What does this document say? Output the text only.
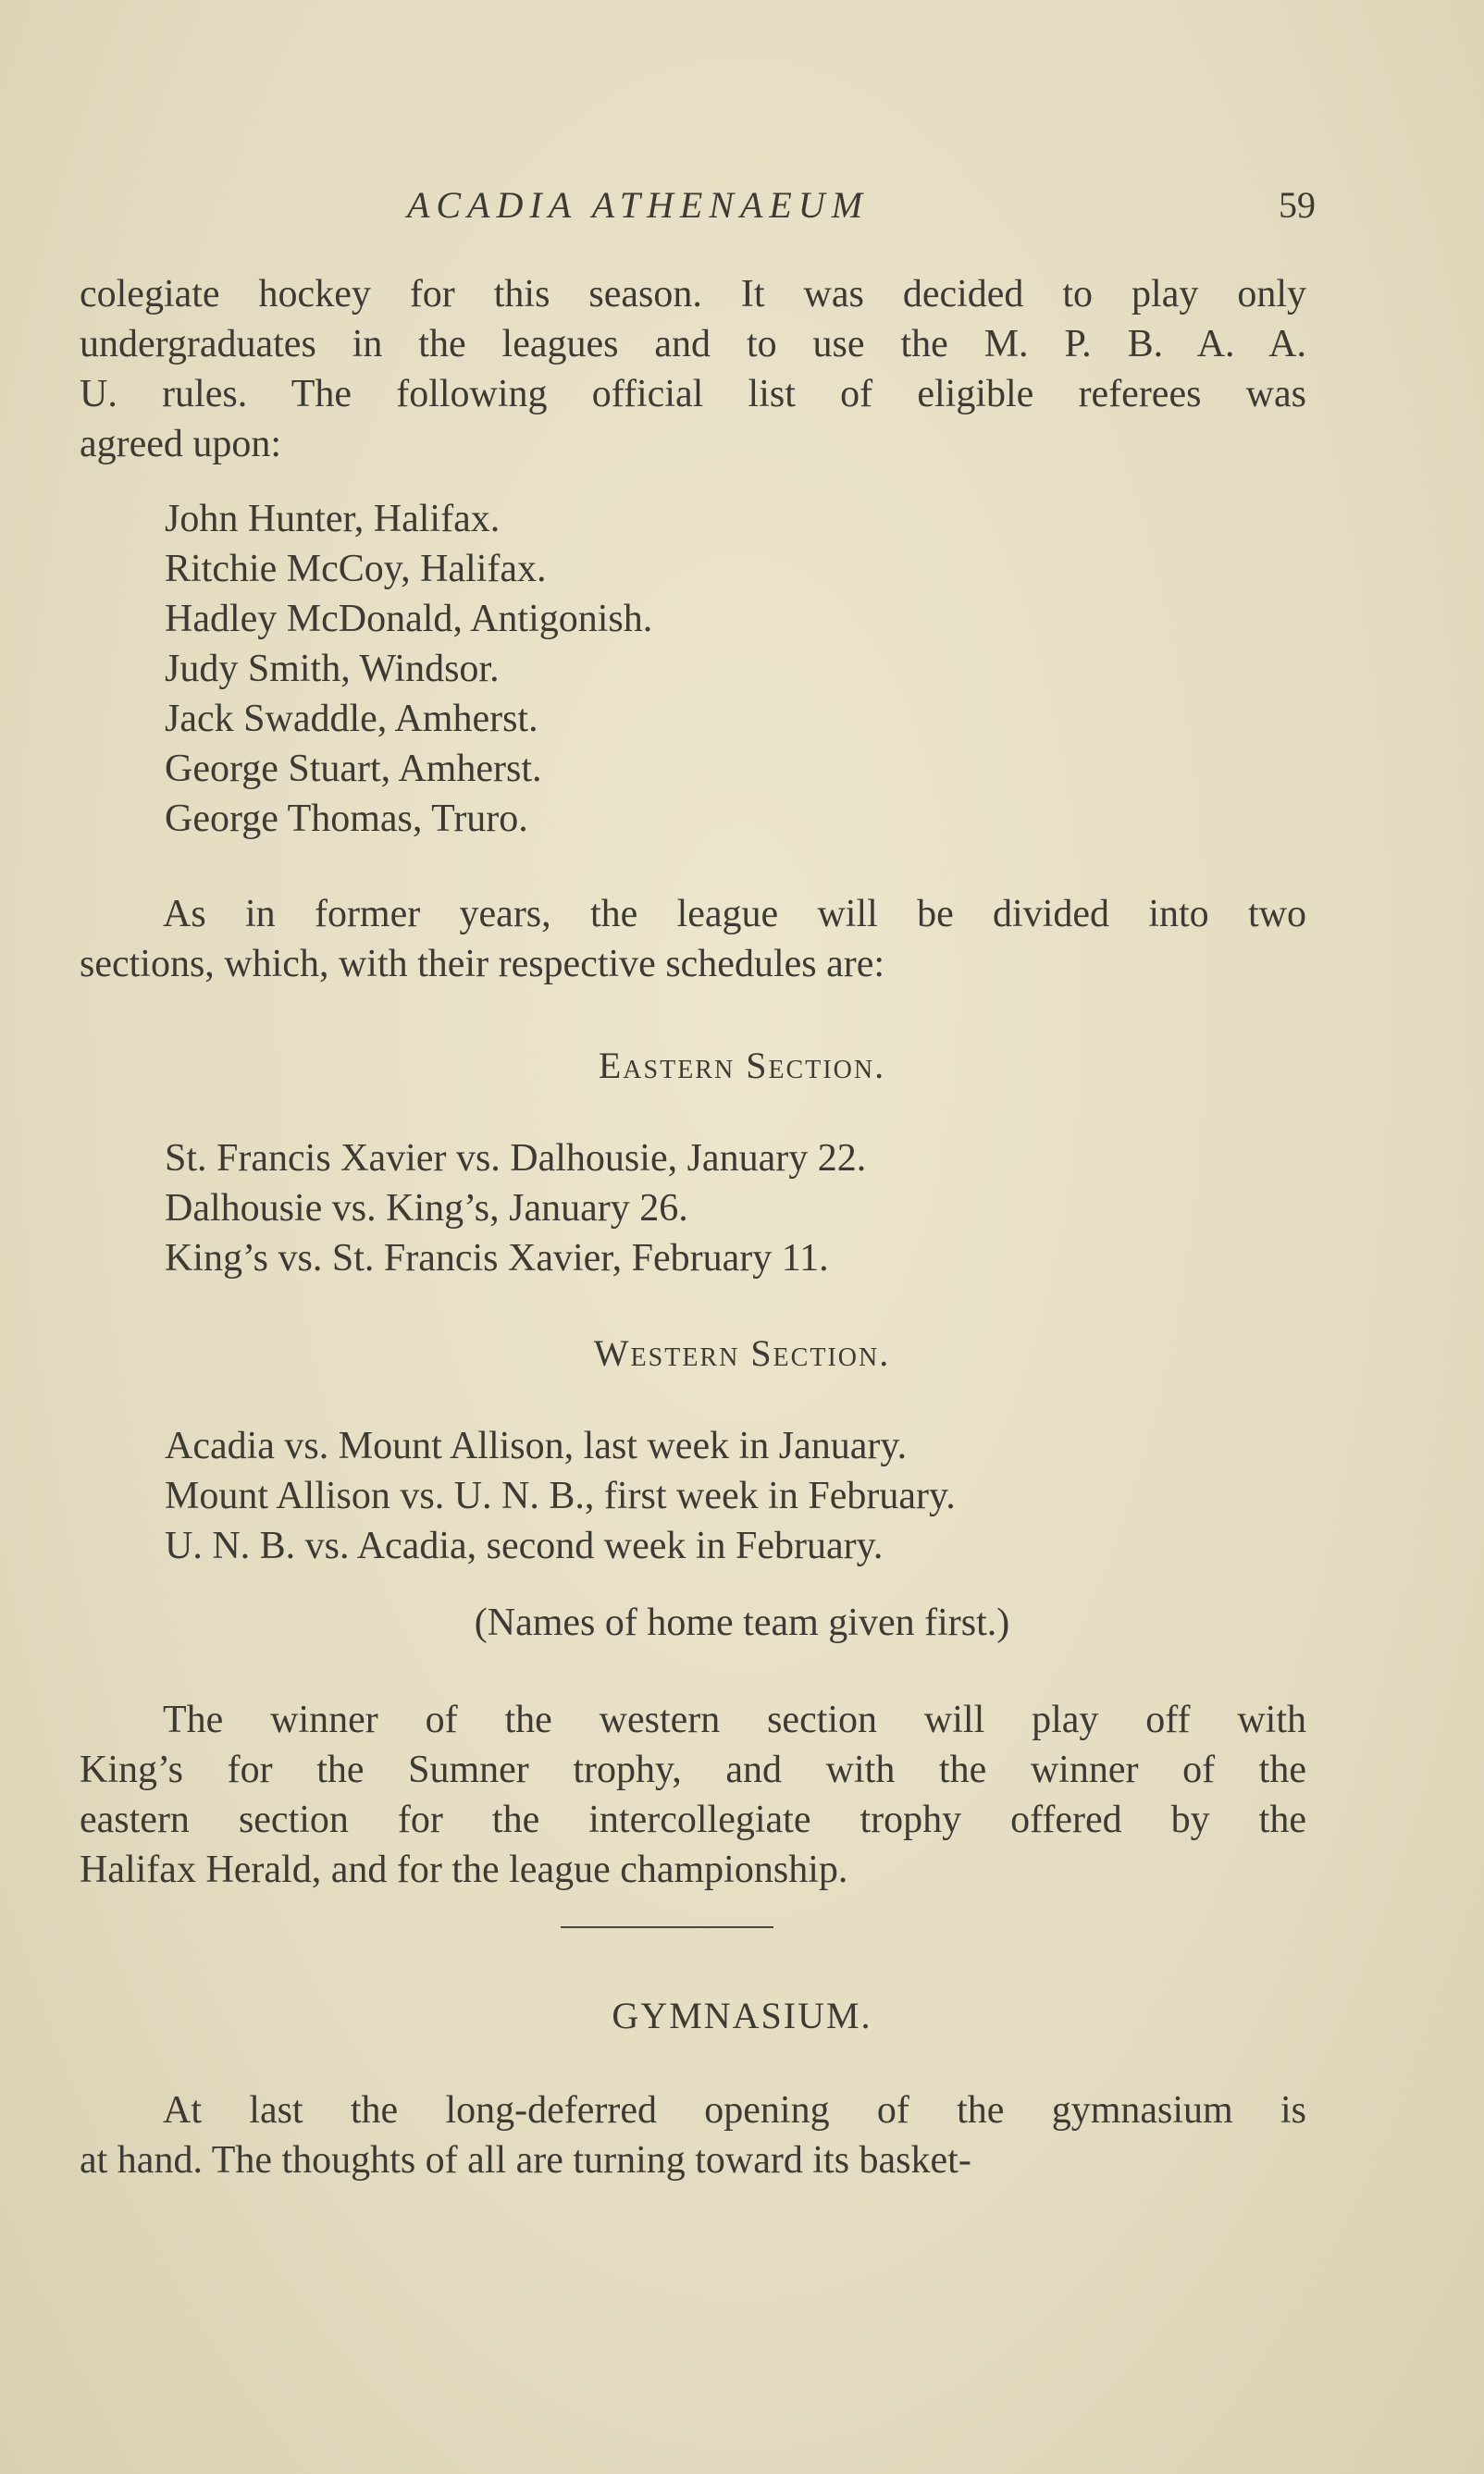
ACADIA ATHENAEUM	59

colegiate hockey for this season. It was decided to play only
undergraduates in the leagues and to use the M. P. B. A. A.
U. rules. The following official list of eligible referees was
agreed upon:

John Hunter, Halifax.
Ritchie McCoy, Halifax.
Hadley McDonald, Antigonish.
Judy Smith, Windsor.
Jack Swaddle, Amherst.
George Stuart, Amherst.
George Thomas, Truro.

As in former years, the league will be divided into two
sections, which, with their respective schedules are:

Eastern Section.
St. Francis Xavier vs. Dalhousie, January 22.
Dalhousie vs. King’s, January 26.
King’s vs. St. Francis Xavier, February 11.
Western Section.
Acadia vs. Mount Allison, last week in January.
Mount Allison vs. U. N. B., first week in February.
U. N. B. vs. Acadia, second week in February.
(Names of home team given first.)

The winner of the western section will play off with
King’s for the Sumner trophy, and with the winner of the
eastern section for the intercollegiate trophy offered by the
Halifax Herald, and for the league championship.

GYMNASIUM.

At last the long-deferred opening of the gymnasium is
at hand. The thoughts of all are turning toward its basket-
